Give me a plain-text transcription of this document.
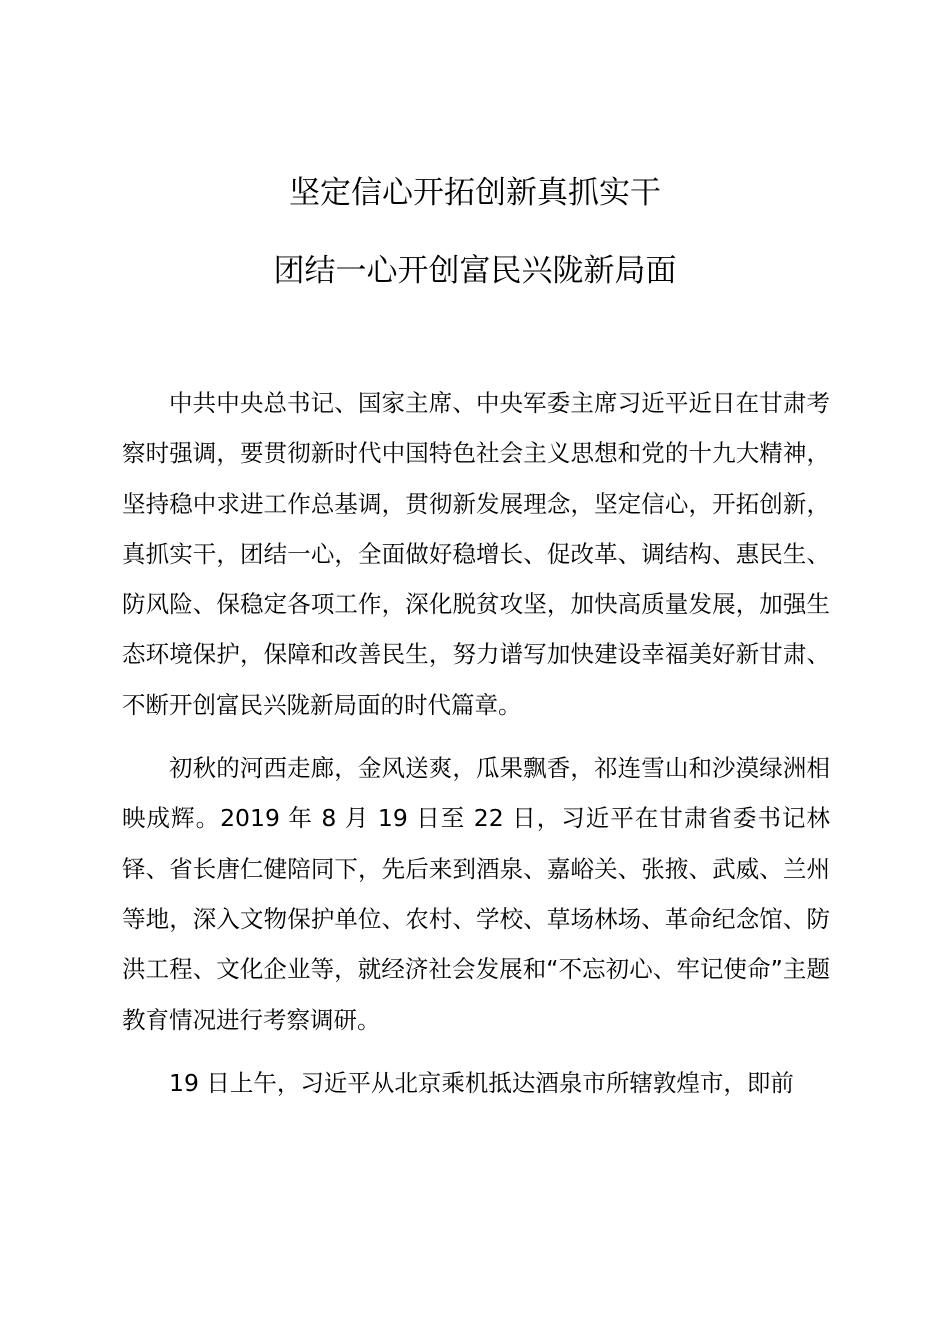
坚定信心开拓创新真抓实干
团结一心开创富民兴陇新局面

中共中央总书记、国家主席、中央军委主席习近平近日在甘肃考察时强调，要贯彻新时代中国特色社会主义思想和党的十九大精神，坚持稳中求进工作总基调，贯彻新发展理念，坚定信心，开拓创新，真抓实干，团结一心，全面做好稳增长、促改革、调结构、惠民生、防风险、保稳定各项工作，深化脱贫攻坚，加快高质量发展，加强生态环境保护，保障和改善民生，努力谱写加快建设幸福美好新甘肃、不断开创富民兴陇新局面的时代篇章。

初秋的河西走廊，金风送爽，瓜果飘香，祁连雪山和沙漠绿洲相映成辉。2019 年 8 月 19 日至 22 日，习近平在甘肃省委书记林铎、省长唐仁健陪同下，先后来到酒泉、嘉峪关、张掖、武威、兰州等地，深入文物保护单位、农村、学校、草场林场、革命纪念馆、防洪工程、文化企业等，就经济社会发展和“不忘初心、牢记使命”主题教育情况进行考察调研。

19 日上午，习近平从北京乘机抵达酒泉市所辖敦煌市，即前
